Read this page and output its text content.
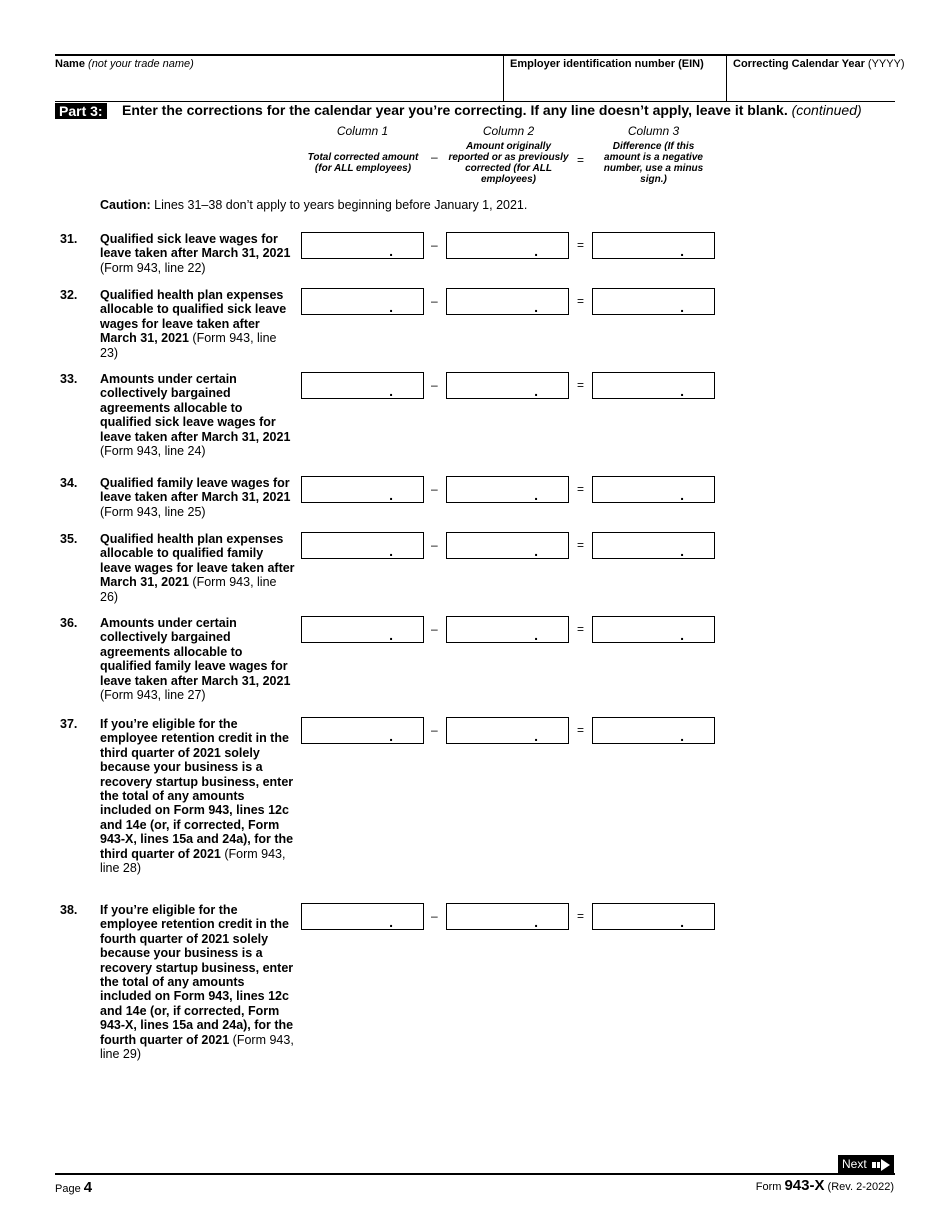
Name (not your trade name)	Employer identification number (EIN)	Correcting Calendar Year (YYYY)
Part 3: Enter the corrections for the calendar year you’re correcting. If any line doesn’t apply, leave it blank. (continued)
Column 1
Total corrected amount (for ALL employees)
–
Column 2
Amount originally reported or as previously corrected (for ALL employees)
=
Column 3
Difference (If this amount is a negative number, use a minus sign.)
Caution: Lines 31–38 don’t apply to years beginning before January 1, 2021.
31. Qualified sick leave wages for leave taken after March 31, 2021 (Form 943, line 22)
.	.	.
–	=
32. Qualified health plan expenses allocable to qualified sick leave wages for leave taken after March 31, 2021 (Form 943, line 23)
.	.	.
–	=
33. Amounts under certain collectively bargained agreements allocable to qualified sick leave wages for leave taken after March 31, 2021 (Form 943, line 24)
.	.	.
–	=
34. Qualified family leave wages for leave taken after March 31, 2021 (Form 943, line 25)
.	.	.
–	=
35. Qualified health plan expenses allocable to qualified family leave wages for leave taken after March 31, 2021 (Form 943, line 26)
.	.	.
–	=
36. Amounts under certain collectively bargained agreements allocable to qualified family leave wages for leave taken after March 31, 2021 (Form 943, line 27)
.	.	.
–	=
37. If you’re eligible for the employee retention credit in the third quarter of 2021 solely because your business is a recovery startup business, enter the total of any amounts included on Form 943, lines 12c and 14e (or, if corrected, Form 943-X, lines 15a and 24a), for the third quarter of 2021 (Form 943, line 28)
.	.	.
–	=
38. If you’re eligible for the employee retention credit in the fourth quarter of 2021 solely because your business is a recovery startup business, enter the total of any amounts included on Form 943, lines 12c and 14e (or, if corrected, Form 943-X, lines 15a and 24a), for the fourth quarter of 2021 (Form 943, line 29)
.	.	.
–	=
Next
Page 4	Form 943-X (Rev. 2-2022)
